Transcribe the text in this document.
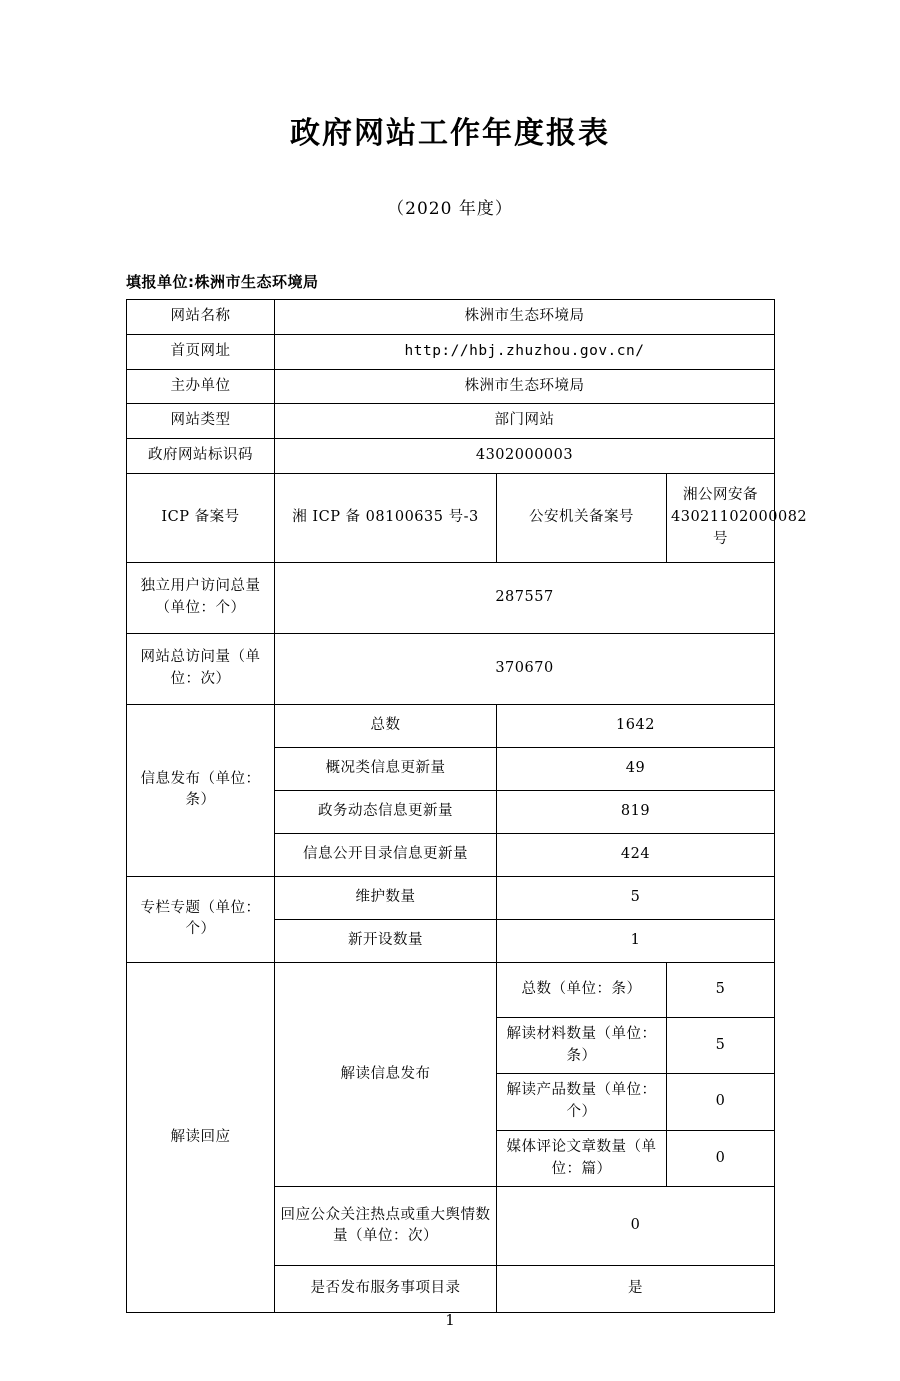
政府网站工作年度报表
（2020 年度）
填报单位:株洲市生态环境局
网站名称	株洲市生态环境局		
首页网址	http://hbj.zhuzhou.gov.cn/		
主办单位	株洲市生态环境局		
网站类型	部门网站		
政府网站标识码	4302000003		
ICP 备案号	湘 ICP 备 08100635 号-3	公安机关备案号	湘公网安备 43021102000082 号
独立用户访问总量（单位：个）	287557		
网站总访问量（单位：次）	370670		
信息发布（单位：条）	总数	1642	
	概况类信息更新量	49	
	政务动态信息更新量	819	
	信息公开目录信息更新量	424	
专栏专题（单位：个）	维护数量	5	
	新开设数量	1	
解读回应	解读信息发布	总数（单位：条）	5
		解读材料数量（单位：条）	5
		解读产品数量（单位：个）	0
		媒体评论文章数量（单位：篇）	0
	回应公众关注热点或重大舆情数量（单位：次）	0	
	是否发布服务事项目录	是	
1
